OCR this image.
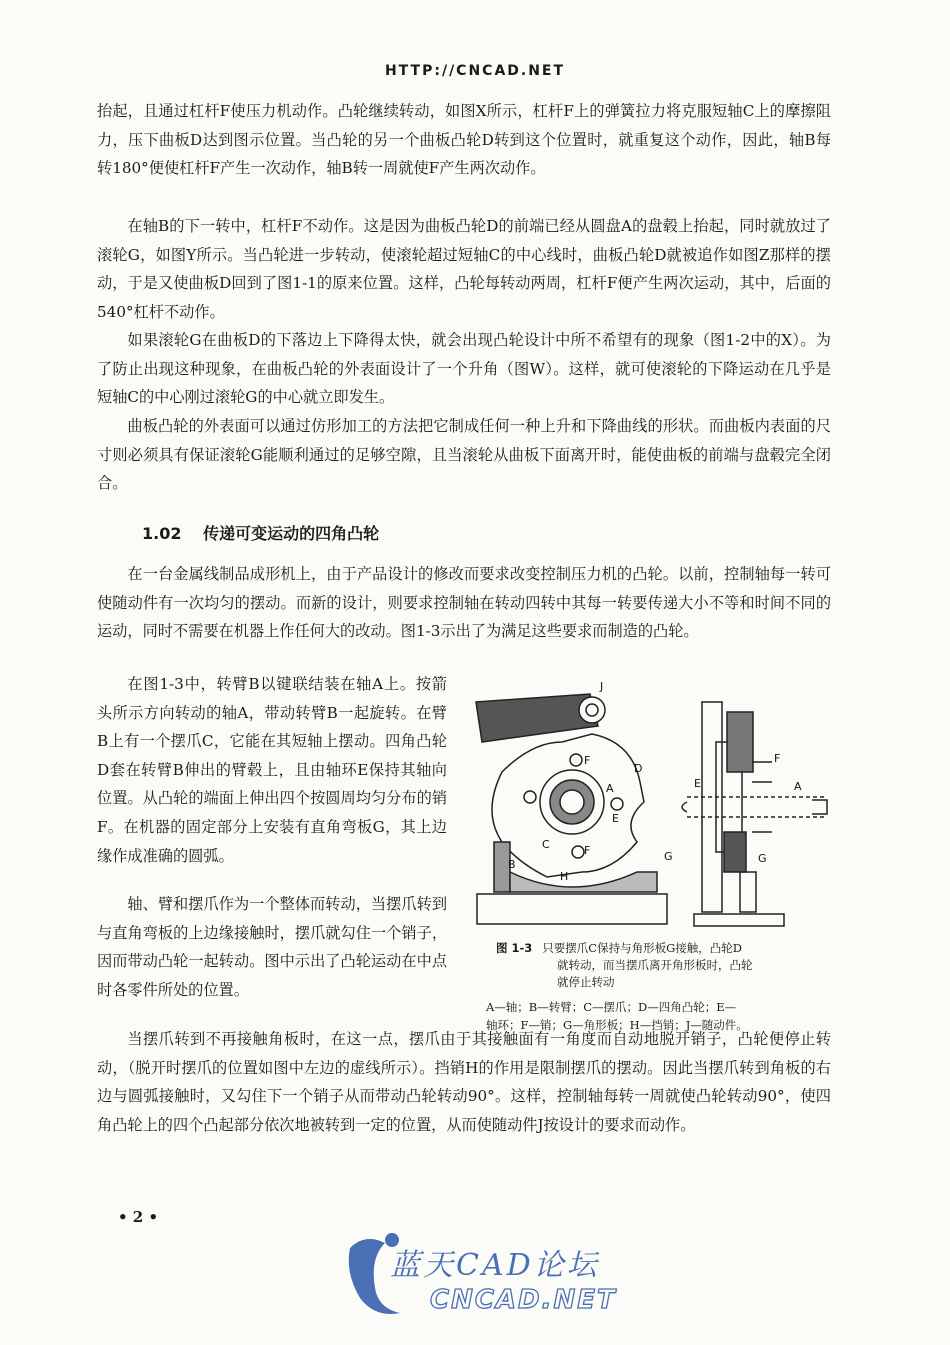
HTTP://CNCAD.NET

抬起，且通过杠杆F使压力机动作。凸轮继续转动，如图X所示，杠杆F上的弹簧拉力将克服短轴C上的摩擦阻力，压下曲板D达到图示位置。当凸轮的另一个曲板凸轮D转到这个位置时，就重复这个动作，因此，轴B每转180°便使杠杆F产生一次动作，轴B转一周就使F产生两次动作。

在轴B的下一转中，杠杆F不动作。这是因为曲板凸轮D的前端已经从圆盘A的盘毂上抬起，同时就放过了滚轮G，如图Y所示。当凸轮进一步转动，使滚轮超过短轴C的中心线时，曲板凸轮D就被追作如图Z那样的摆动，于是又使曲板D回到了图1-1的原来位置。这样，凸轮每转动两周，杠杆F便产生两次运动，其中，后面的540°杠杆不动作。

如果滚轮G在曲板D的下落边上下降得太快，就会出现凸轮设计中所不希望有的现象（图1-2中的X）。为了防止出现这种现象，在曲板凸轮的外表面设计了一个升角（图W）。这样，就可使滚轮的下降运动在几乎是短轴C的中心刚过滚轮G的中心就立即发生。

曲板凸轮的外表面可以通过仿形加工的方法把它制成任何一种上升和下降曲线的形状。而曲板内表面的尺寸则必须具有保证滚轮G能顺利通过的足够空隙，且当滚轮从曲板下面离开时，能使曲板的前端与盘毂完全闭合。

1.02 传递可变运动的四角凸轮

在一台金属线制品成形机上，由于产品设计的修改而要求改变控制压力机的凸轮。以前，控制轴每一转可使随动件有一次均匀的摆动。而新的设计，则要求控制轴在转动四转中其每一转要传递大小不等和时间不同的运动，同时不需要在机器上作任何大的改动。图1-3示出了为满足这些要求而制造的凸轮。

在图1-3中，转臂B以键联结装在轴A上。按箭头所示方向转动的轴A，带动转臂B一起旋转。在臂B上有一个摆爪C，它能在其短轴上摆动。四角凸轮D套在转臂B伸出的臂毂上，且由轴环E保持其轴向位置。从凸轮的端面上伸出四个按圆周均匀分布的销F。在机器的固定部分上安装有直角弯板G，其上边缘作成准确的圆弧。

轴、臂和摆爪作为一个整体而转动，当摆爪转到与直角弯板的上边缘接触时，摆爪就勾住一个销子，因而带动凸轮一起转动。图中示出了凸轮运动在中点时各零件所处的位置。

当摆爪转到不再接触角板时，在这一点，摆爪由于其接触面有一角度而自动地脱开销子，凸轮便停止转动，（脱开时摆爪的位置如图中左边的虚线所示）。挡销H的作用是限制摆爪的摆动。因此当摆爪转到角板的右边与圆弧接触时，又勾住下一个销子从而带动凸轮转动90°。这样，控制轴每转一周就使凸轮转动90°，使四角凸轮上的四个凸起部分依次地被转到一定的位置，从而使随动件J按设计的要求而动作。

J
D
F
A
E
F
C
B
H
G
F
E	A
G
图 1-3 只要摆爪C保持与角形板G接触，凸轮D
就转动，而当摆爪离开角形板时，凸轮
就停止转动
A—轴；B—转臂；C—摆爪；D—四角凸轮；E—
轴环；F—销；G—角形板；H—挡销；J—随动件。
• 2 •
蓝天CAD论坛
CNCAD.NET
